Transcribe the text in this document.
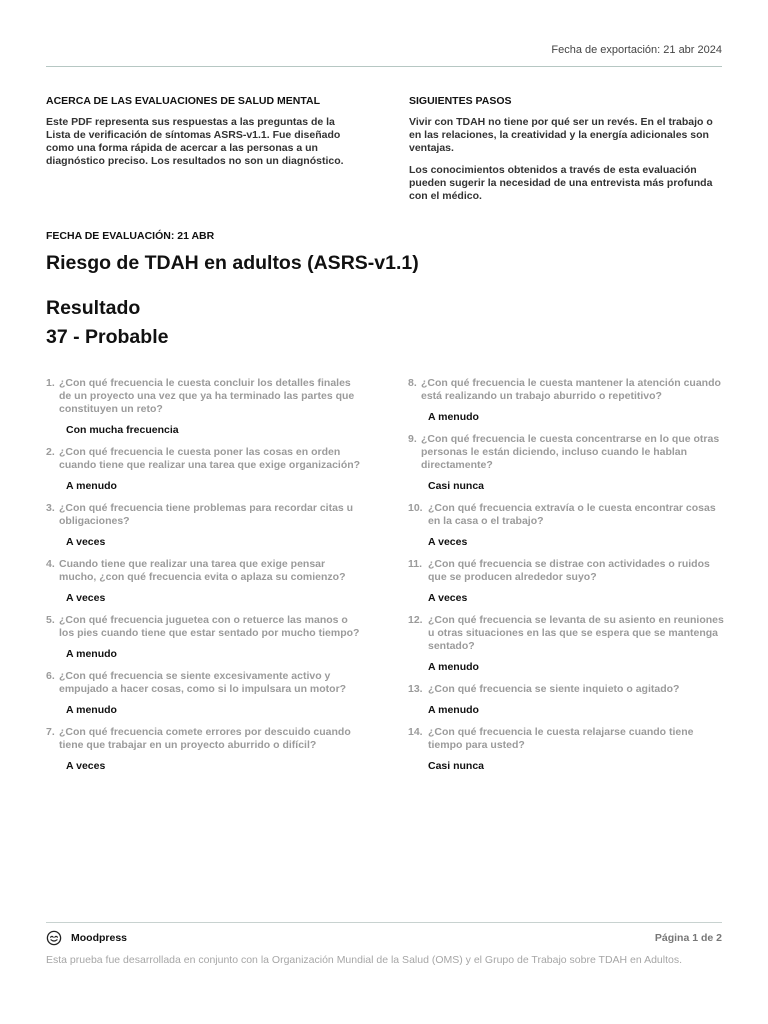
Fecha de exportación: 21 abr 2024
ACERCA DE LAS EVALUACIONES DE SALUD MENTAL
Este PDF representa sus respuestas a las preguntas de la Lista de verificación de síntomas ASRS-v1.1. Fue diseñado como una forma rápida de acercar a las personas a un diagnóstico preciso. Los resultados no son un diagnóstico.
SIGUIENTES PASOS
Vivir con TDAH no tiene por qué ser un revés. En el trabajo o en las relaciones, la creatividad y la energía adicionales son ventajas.
Los conocimientos obtenidos a través de esta evaluación pueden sugerir la necesidad de una entrevista más profunda con el médico.
FECHA DE EVALUACIÓN: 21 ABR
Riesgo de TDAH en adultos (ASRS-v1.1)
Resultado
37 - Probable
1. ¿Con qué frecuencia le cuesta concluir los detalles finales de un proyecto una vez que ya ha terminado las partes que constituyen un reto?
Con mucha frecuencia
2. ¿Con qué frecuencia le cuesta poner las cosas en orden cuando tiene que realizar una tarea que exige organización?
A menudo
3. ¿Con qué frecuencia tiene problemas para recordar citas u obligaciones?
A veces
4. Cuando tiene que realizar una tarea que exige pensar mucho, ¿con qué frecuencia evita o aplaza su comienzo?
A veces
5. ¿Con qué frecuencia juguetea con o retuerce las manos o los pies cuando tiene que estar sentado por mucho tiempo?
A menudo
6. ¿Con qué frecuencia se siente excesivamente activo y empujado a hacer cosas, como si lo impulsara un motor?
A menudo
7. ¿Con qué frecuencia comete errores por descuido cuando tiene que trabajar en un proyecto aburrido o difícil?
A veces
8. ¿Con qué frecuencia le cuesta mantener la atención cuando está realizando un trabajo aburrido o repetitivo?
A menudo
9. ¿Con qué frecuencia le cuesta concentrarse en lo que otras personas le están diciendo, incluso cuando le hablan directamente?
Casi nunca
10. ¿Con qué frecuencia extravía o le cuesta encontrar cosas en la casa o el trabajo?
A veces
11. ¿Con qué frecuencia se distrae con actividades o ruidos que se producen alrededor suyo?
A veces
12. ¿Con qué frecuencia se levanta de su asiento en reuniones u otras situaciones en las que se espera que se mantenga sentado?
A menudo
13. ¿Con qué frecuencia se siente inquieto o agitado?
A menudo
14. ¿Con qué frecuencia le cuesta relajarse cuando tiene tiempo para usted?
Casi nunca
Moodpress	Página 1 de 2
Esta prueba fue desarrollada en conjunto con la Organización Mundial de la Salud (OMS) y el Grupo de Trabajo sobre TDAH en Adultos.
